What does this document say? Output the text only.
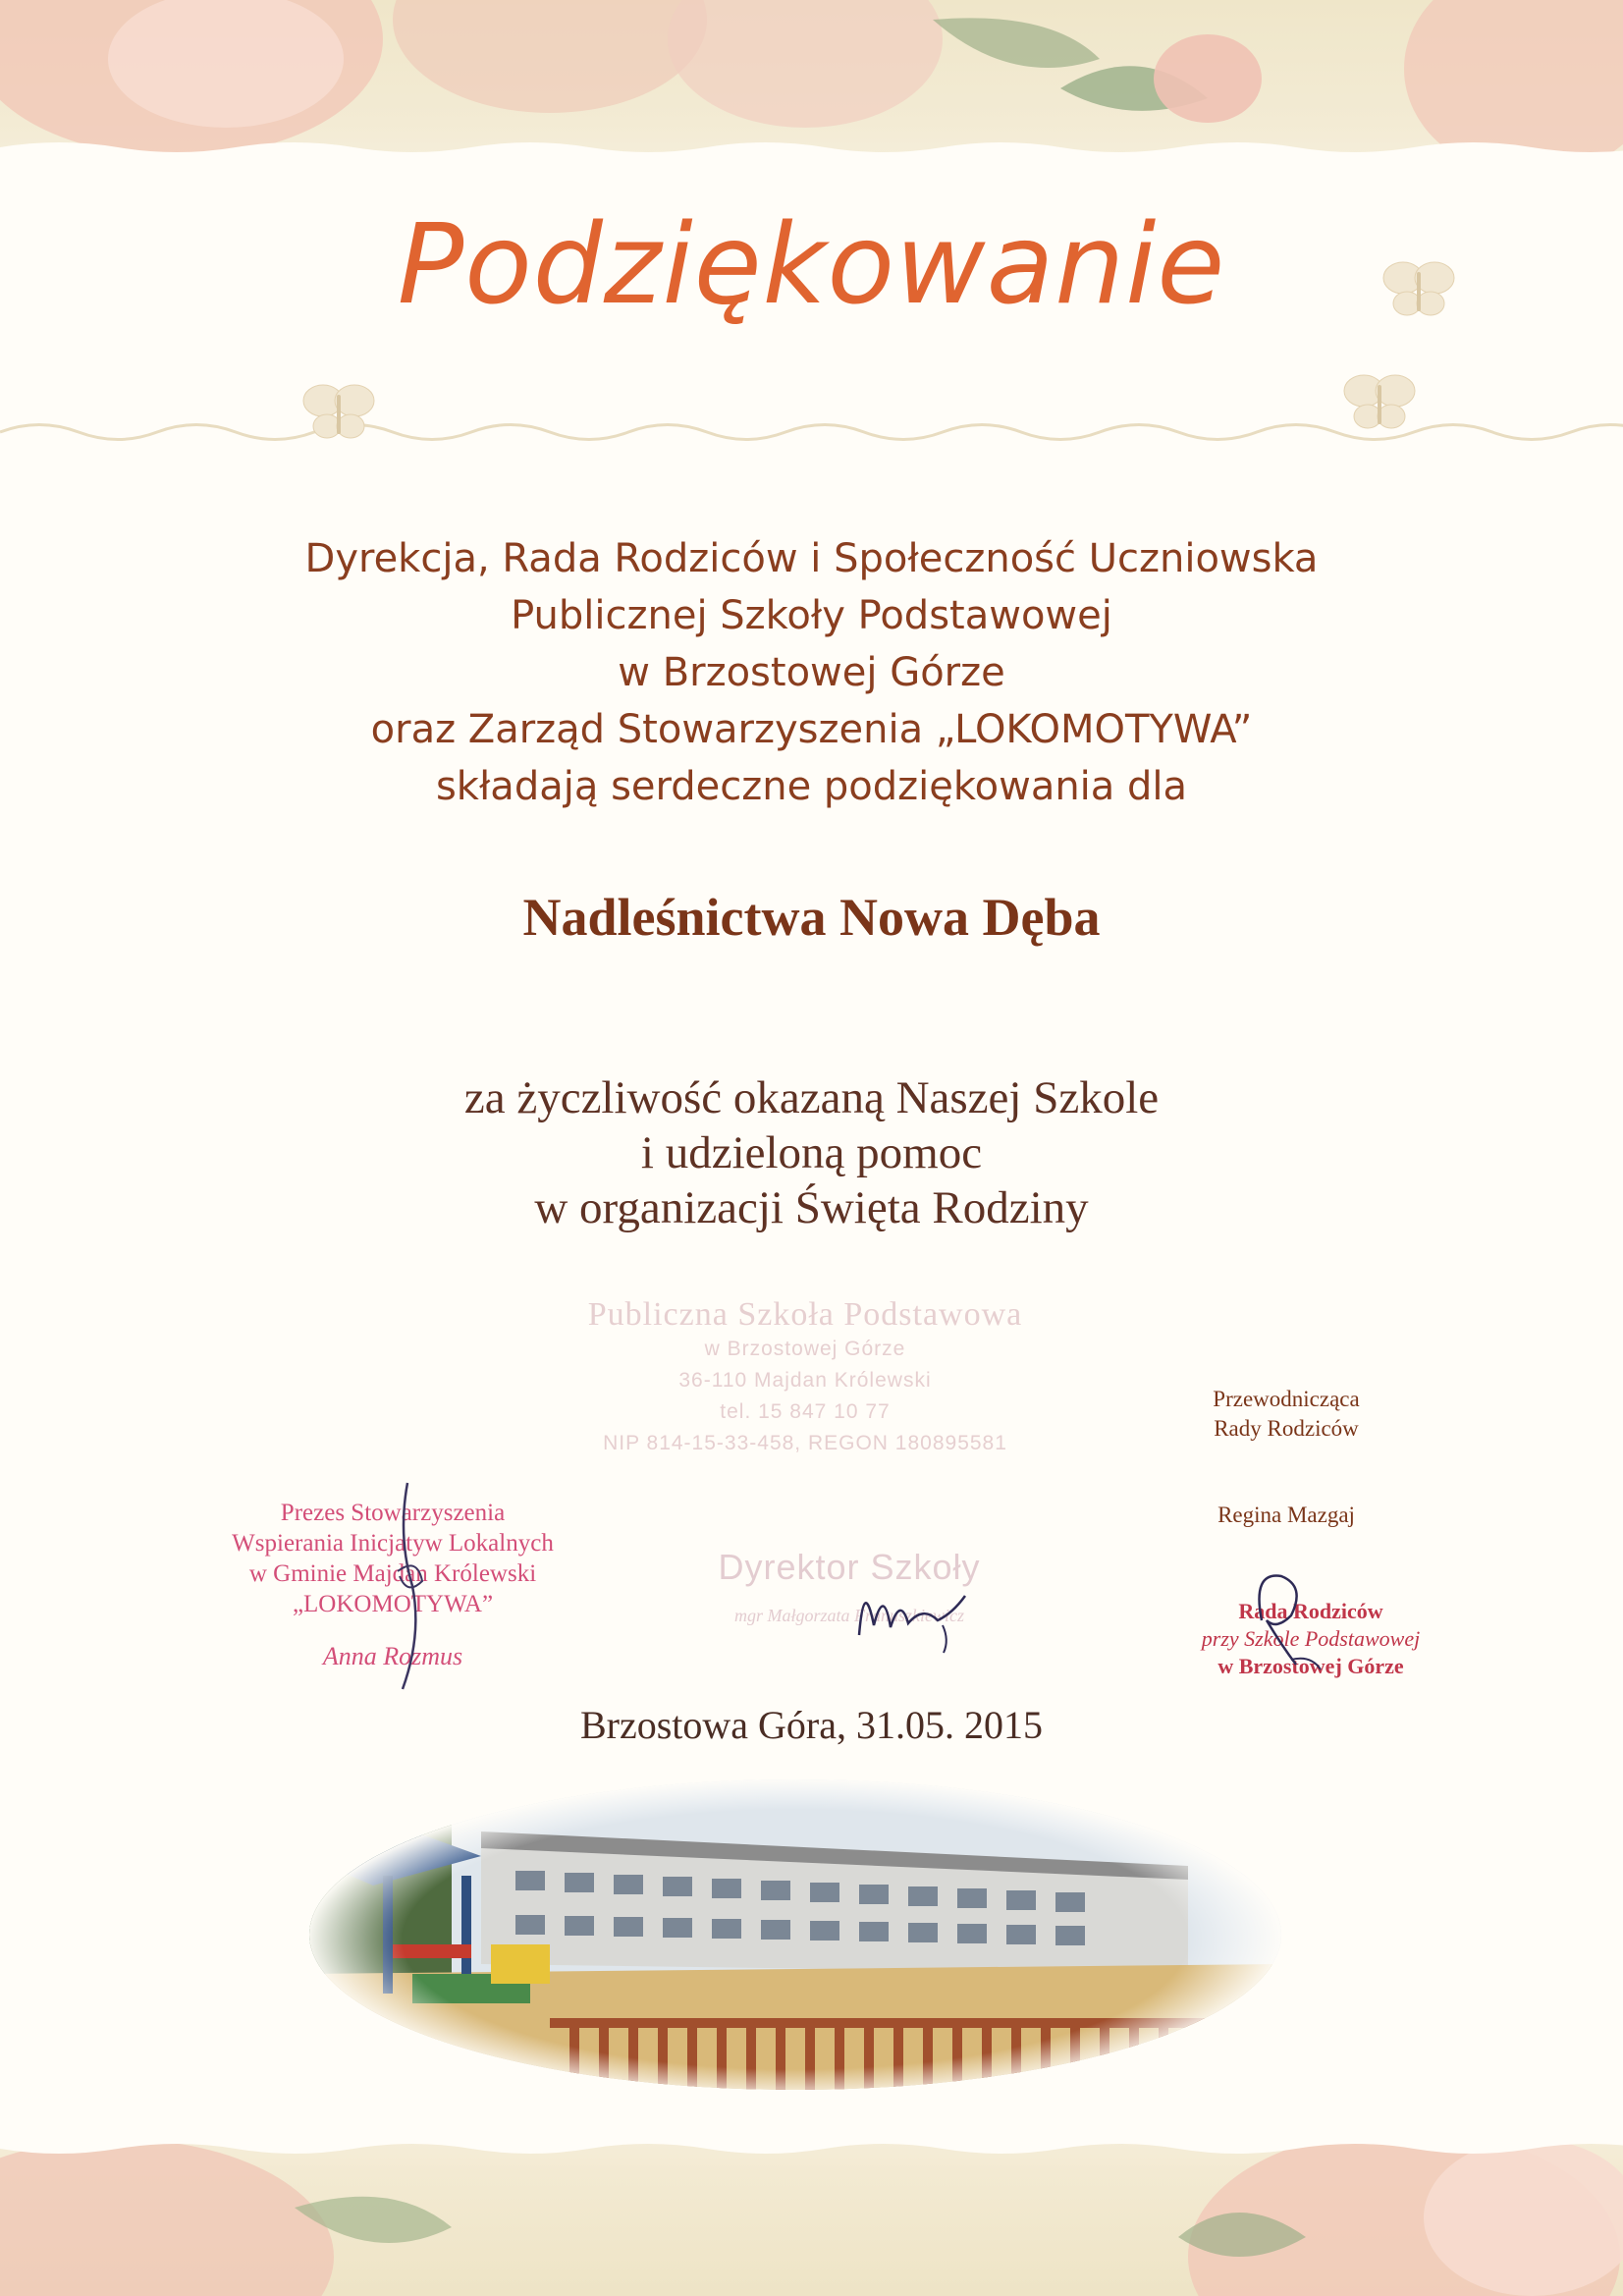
Podziękowanie
Dyrekcja, Rada Rodziców i Społeczność Uczniowska
Publicznej Szkoły Podstawowej
w Brzostowej Górze
oraz Zarząd Stowarzyszenia „LOKOMOTYWA”
składają serdeczne podziękowania dla
Nadleśnictwa Nowa Dęba
za życzliwość okazaną Naszej Szkole
i udzieloną pomoc
w organizacji Święta Rodziny
Publiczna Szkoła Podstawowa
w Brzostowej Górze
36-110 Majdan Królewski
tel. 15 847 10 77
NIP 814-15-33-458, REGON 180895581
Prezes Stowarzyszenia
Wspierania Inicjatyw Lokalnych
w Gminie Majdan Królewski
„LOKOMOTYWA”
Anna Rozmus
Dyrektor Szkoły
mgr Małgorzata Franuszkiewicz
Przewodnicząca
Rady Rodziców
Regina Mazgaj
Rada Rodziców
przy Szkole Podstawowej
w Brzostowej Górze
Brzostowa Góra, 31.05. 2015
